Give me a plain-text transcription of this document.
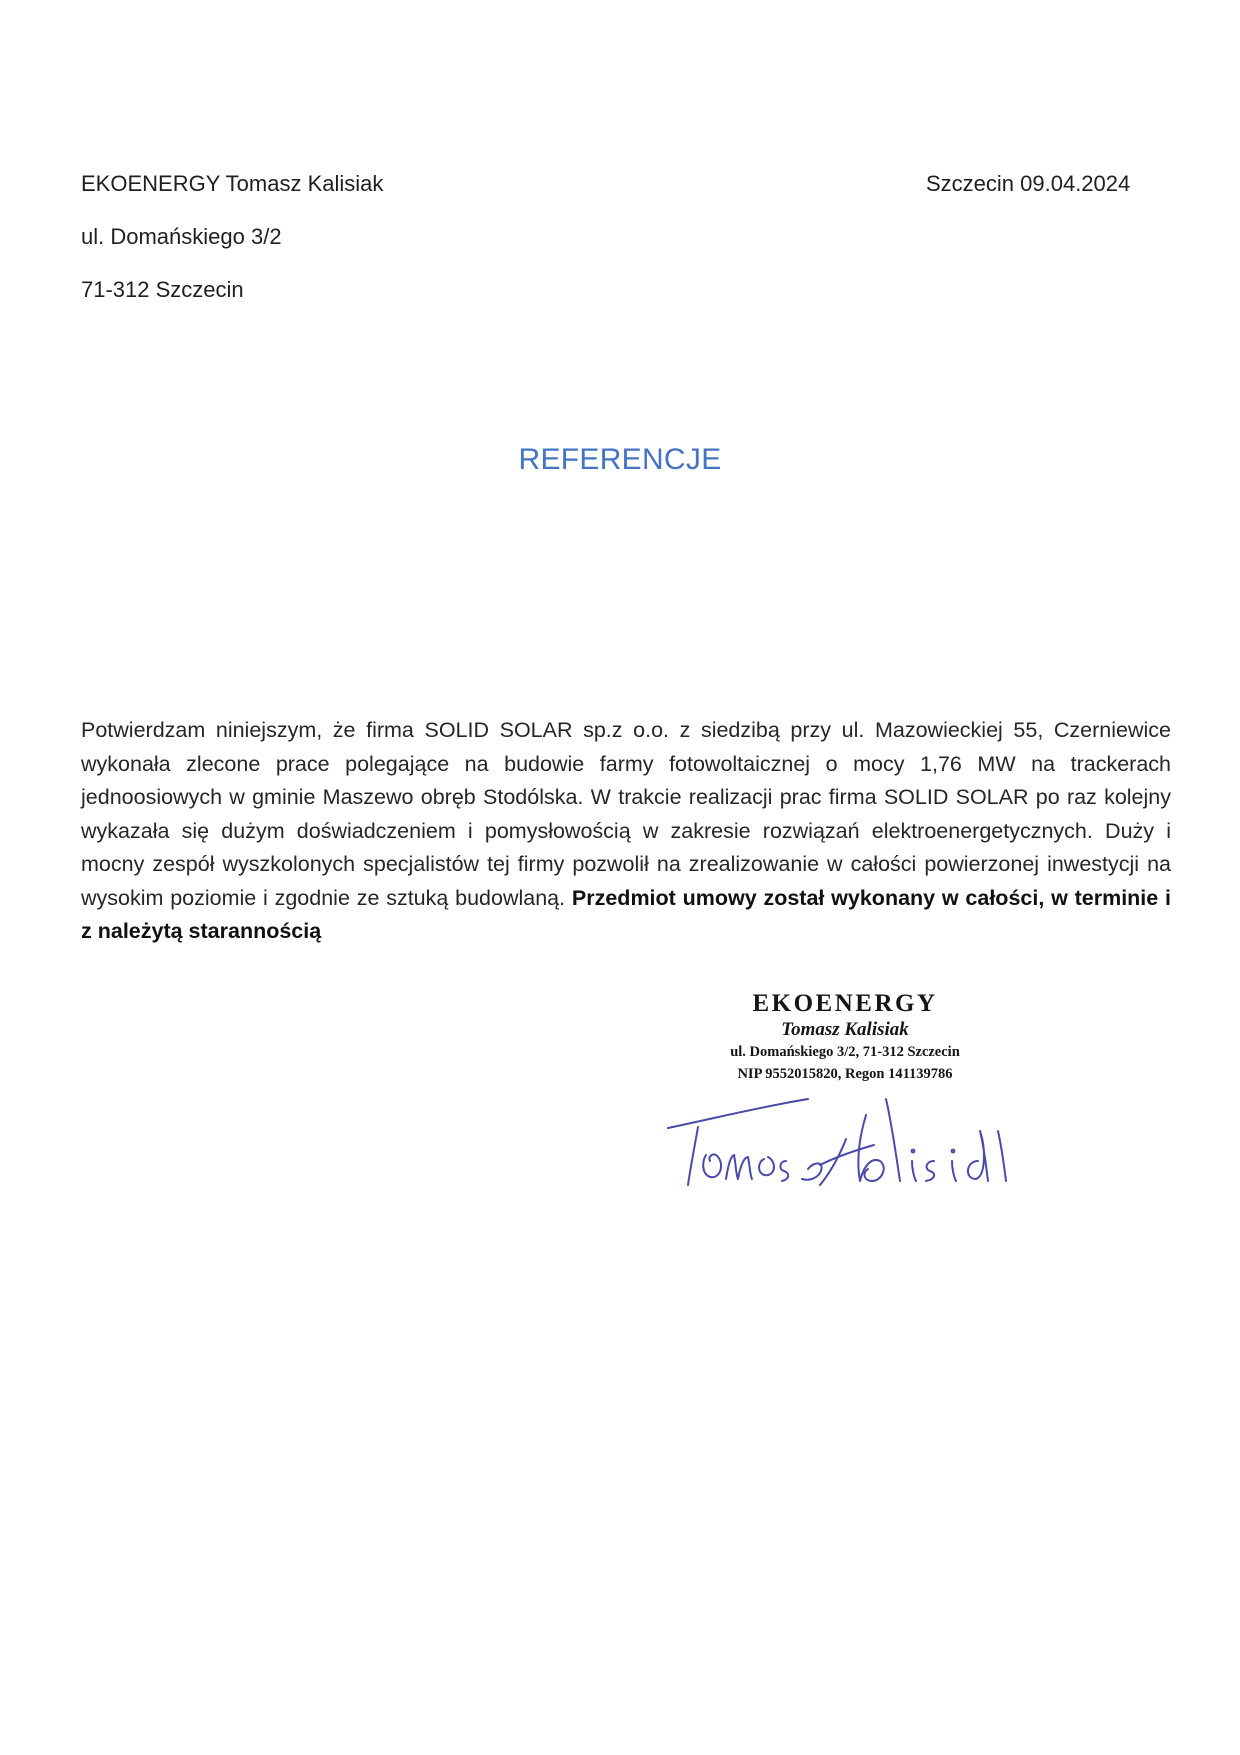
EKOENERGY Tomasz Kalisiak
ul. Domańskiego 3/2
71-312 Szczecin
Szczecin 09.04.2024
REFERENCJE
Potwierdzam niniejszym, że firma SOLID SOLAR sp.z o.o. z siedzibą przy ul. Mazowieckiej 55, Czerniewice wykonała zlecone prace polegające na budowie farmy fotowoltaicznej o mocy 1,76 MW na trackerach jednoosiowych w gminie Maszewo obręb Stodólska. W trakcie realizacji prac firma SOLID SOLAR po raz kolejny wykazała się dużym doświadczeniem i pomysłowością w zakresie rozwiązań elektroenergetycznych. Duży i mocny zespół wyszkolonych specjalistów tej firmy pozwolił na zrealizowanie w całości powierzonej inwestycji na wysokim poziomie i zgodnie ze sztuką budowlaną. Przedmiot umowy został wykonany w całości, w terminie i z należytą starannością
EKOENERGY
Tomasz Kalisiak
ul. Domańskiego 3/2, 71-312 Szczecin
NIP 9552015820, Regon 141139786
